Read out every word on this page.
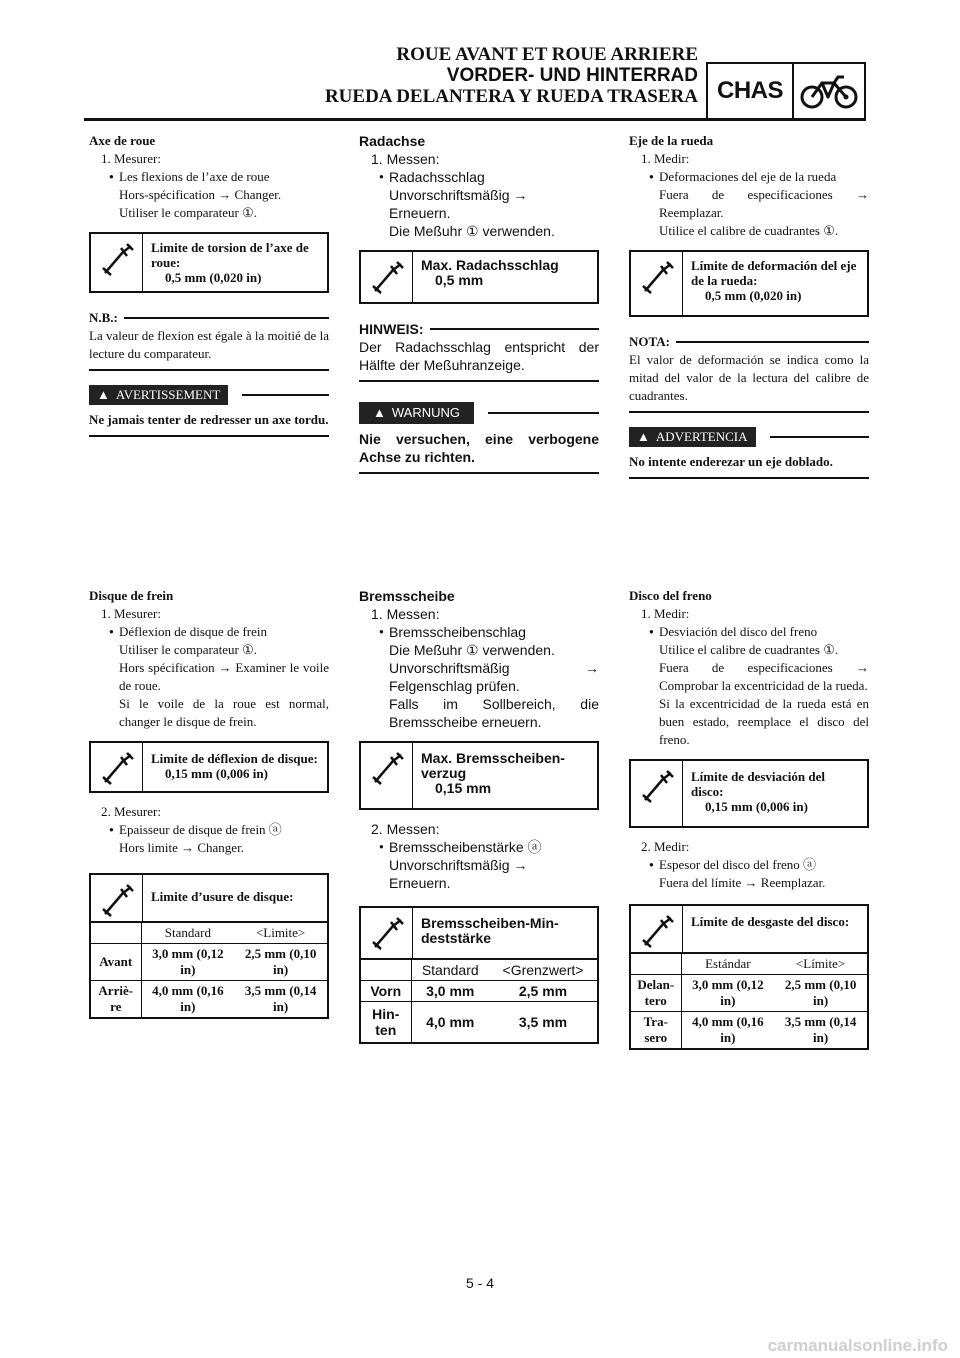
ROUE AVANT ET ROUE ARRIERE
VORDER- UND HINTERRAD
RUEDA DELANTERA Y RUEDA TRASERA CHAS
Axe de roue
1. Mesurer:
● Les flexions de l’axe de roue
Hors-spécification → Changer.
Utiliser le comparateur ①.
Limite de torsion de l’axe de roue:
0,5 mm (0,020 in)
N.B.:
La valeur de flexion est égale à la moitié de la lecture du comparateur.
▲ AVERTISSEMENT
Ne jamais tenter de redresser un axe tordu.
Disque de frein
1. Mesurer:
● Déflexion de disque de frein
Utiliser le comparateur ①.
Hors spécification → Examiner le voile de roue.
Si le voile de la roue est normal, changer le disque de frein.
Limite de déflexion de disque:
0,15 mm (0,006 in)
2. Mesurer:
● Epaisseur de disque de frein ⓐ
Hors limite → Changer.
Limite d’usure de disque:
	Standard	<Limite>
Avant	3,0 mm (0,12 in)	2,5 mm (0,10 in)
Arriè-re	4,0 mm (0,16 in)	3,5 mm (0,14 in)
Radachse
1. Messen:
● Radachsschlag
Unvorschriftsmäßig →
Erneuern.
Die Meßuhr ① verwenden.
Max. Radachsschlag
0,5 mm
HINWEIS:
Der Radachsschlag entspricht der Hälfte der Meßuhranzeige.
▲ WARNUNG
Nie versuchen, eine verbogene Achse zu richten.
Bremsscheibe
1. Messen:
● Bremsscheibenschlag
Die Meßuhr ① verwenden.
Unvorschriftsmäßig → Felgenschlag prüfen.
Falls im Sollbereich, die Bremsscheibe erneuern.
Max. Bremsscheiben-verzug
0,15 mm
2. Messen:
● Bremsscheibenstärke ⓐ
Unvorschriftsmäßig →
Erneuern.
Bremsscheiben-Min-deststärke
	Standard	<Grenzwert>
Vorn	3,0 mm	2,5 mm
Hin-ten	4,0 mm	3,5 mm
Eje de la rueda
1. Medir:
● Deformaciones del eje de la rueda
Fuera de especificaciones → Reemplazar.
Utilice el calibre de cuadrantes ①.
Límite de deformación del eje de la rueda:
0,5 mm (0,020 in)
NOTA:
El valor de deformación se indica como la mitad del valor de la lectura del calibre de cuadrantes.
▲ ADVERTENCIA
No intente enderezar un eje doblado.
Disco del freno
1. Medir:
● Desviación del disco del freno
Utilice el calibre de cuadrantes ①.
Fuera de especificaciones → Comprobar la excentricidad de la rueda.
Si la excentricidad de la rueda está en buen estado, reemplace el disco del freno.
Límite de desviación del disco:
0,15 mm (0,006 in)
2. Medir:
● Espesor del disco del freno ⓐ
Fuera del límite → Reemplazar.
Límite de desgaste del disco:
	Estándar	<Límite>
Delan-tero	3,0 mm (0,12 in)	2,5 mm (0,10 in)
Tra-sero	4,0 mm (0,16 in)	3,5 mm (0,14 in)
5 - 4
carmanualsonline.info
